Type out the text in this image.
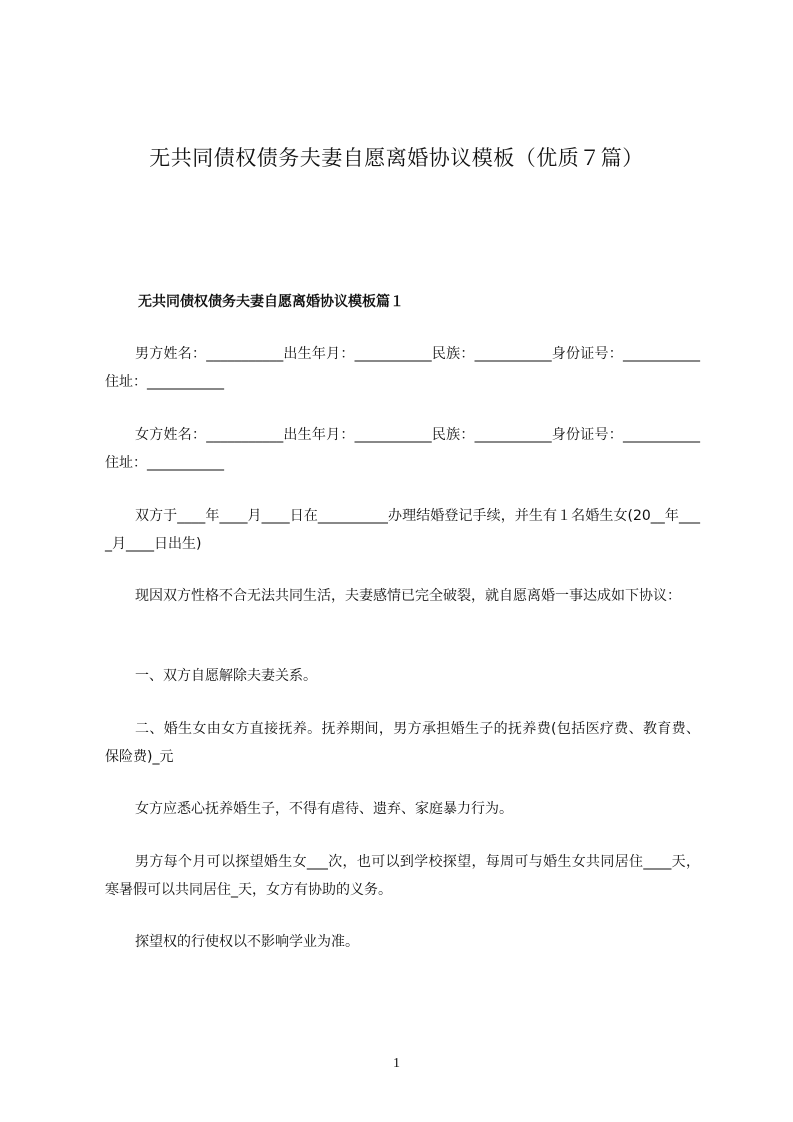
无共同债权债务夫妻自愿离婚协议模板（优质７篇）
无共同债权债务夫妻自愿离婚协议模板篇１
男方姓名：___________出生年月：___________民族：___________身份证号：___________住址：___________
女方姓名：___________出生年月：___________民族：___________身份证号：___________住址：___________
双方于____年____月____日在__________办理结婚登记手续，并生有１名婚生女(20__年____月____日出生)
现因双方性格不合无法共同生活，夫妻感情已完全破裂，就自愿离婚一事达成如下协议：
一、双方自愿解除夫妻关系。
二、婚生女由女方直接抚养。抚养期间，男方承担婚生子的抚养费(包括医疗费、教育费、保险费)_元
女方应悉心抚养婚生子，不得有虐待、遗弃、家庭暴力行为。
男方每个月可以探望婚生女___次，也可以到学校探望，每周可与婚生女共同居住____天，寒暑假可以共同居住_天，女方有协助的义务。
探望权的行使权以不影响学业为准。
1
